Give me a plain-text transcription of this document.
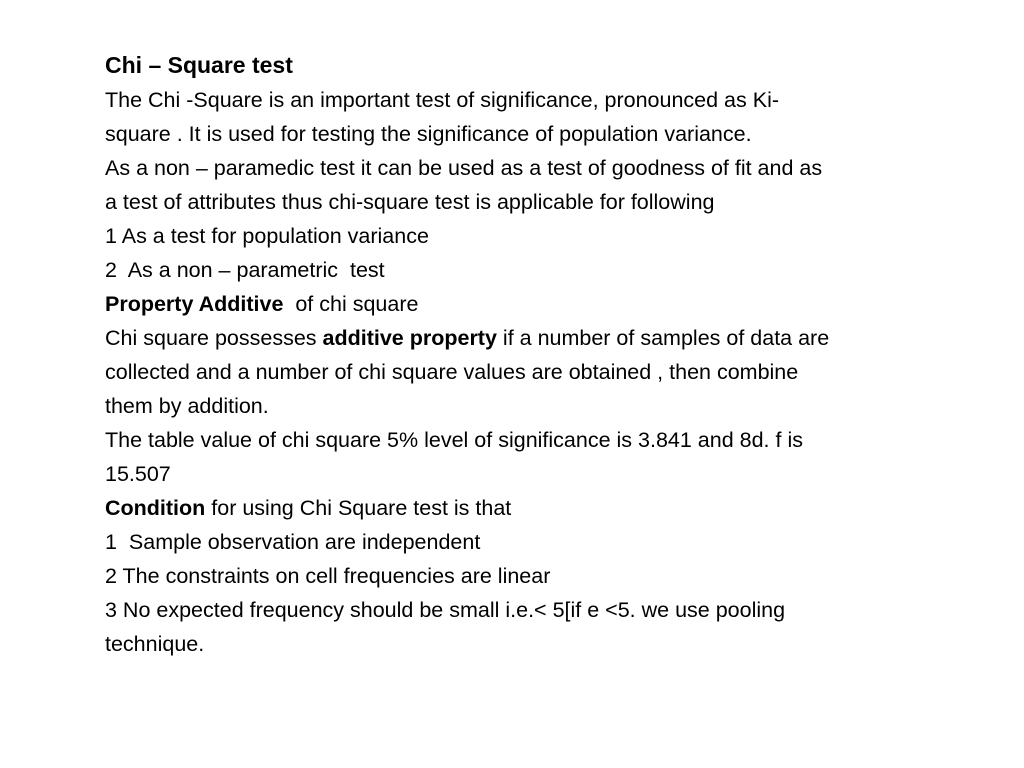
Chi – Square test
The Chi -Square is an important test of significance, pronounced as Ki-
square . It is used for testing the significance of population variance.
As a non – paramedic test it can be used as a test of goodness of fit and as
a test of attributes thus chi-square test is applicable for following
1 As a test for population variance
2  As a non – parametric  test
Property Additive  of chi square
Chi square possesses additive property if a number of samples of data are
collected and a number of chi square values are obtained , then combine
them by addition.
The table value of chi square 5% level of significance is 3.841 and 8d. f is
15.507
Condition for using Chi Square test is that
1  Sample observation are independent
2 The constraints on cell frequencies are linear
3 No expected frequency should be small i.e.< 5[if e <5. we use pooling
technique.
